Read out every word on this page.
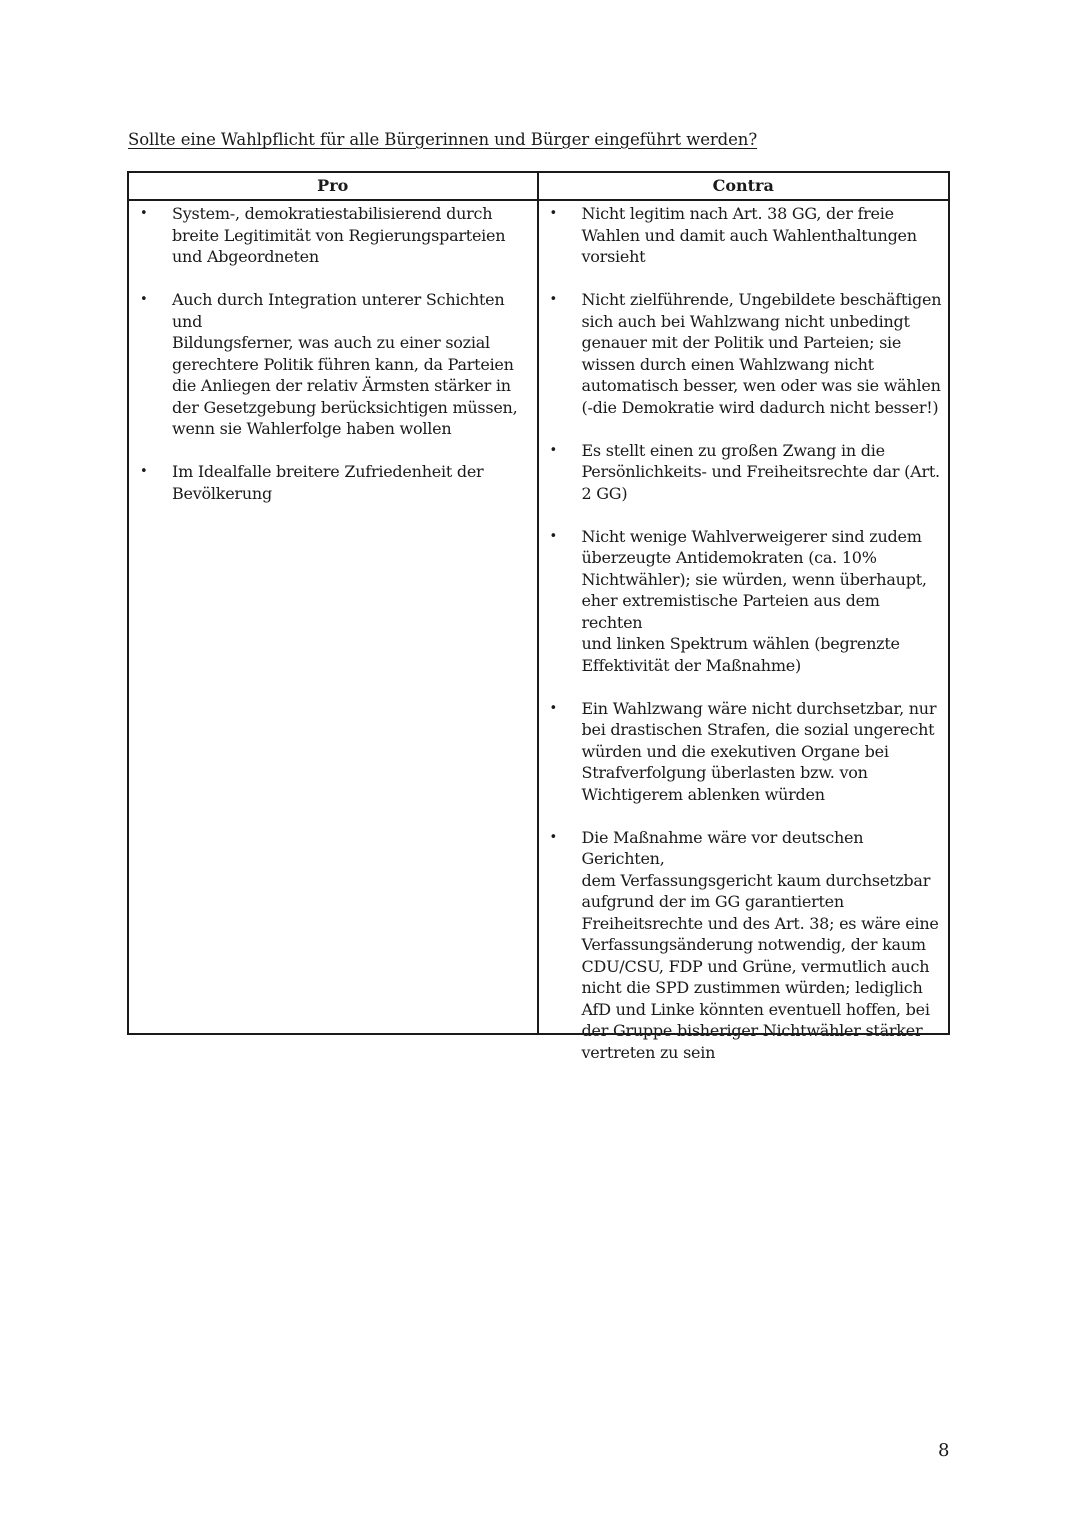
Sollte eine Wahlpflicht für alle Bürgerinnen und Bürger eingeführt werden?
Pro
• System-, demokratiestabilisierend durch
breite Legitimität von Regierungsparteien
und Abgeordneten
• Auch durch Integration unterer Schichten und
Bildungsferner, was auch zu einer sozial
gerechtere Politik führen kann, da Parteien
die Anliegen der relativ Ärmsten stärker in
der Gesetzgebung berücksichtigen müssen,
wenn sie Wahlerfolge haben wollen
• Im Idealfalle breitere Zufriedenheit der
Bevölkerung
Contra
• Nicht legitim nach Art. 38 GG, der freie
Wahlen und damit auch Wahlenthaltungen
vorsieht
• Nicht zielführende, Ungebildete beschäftigen
sich auch bei Wahlzwang nicht unbedingt
genauer mit der Politik und Parteien; sie
wissen durch einen Wahlzwang nicht
automatisch besser, wen oder was sie wählen
(-die Demokratie wird dadurch nicht besser!)
• Es stellt einen zu großen Zwang in die
Persönlichkeits- und Freiheitsrechte dar (Art.
2 GG)
• Nicht wenige Wahlverweigerer sind zudem
überzeugte Antidemokraten (ca. 10%
Nichtwähler); sie würden, wenn überhaupt,
eher extremistische Parteien aus dem rechten
und linken Spektrum wählen (begrenzte
Effektivität der Maßnahme)
• Ein Wahlzwang wäre nicht durchsetzbar, nur
bei drastischen Strafen, die sozial ungerecht
würden und die exekutiven Organe bei
Strafverfolgung überlasten bzw. von
Wichtigerem ablenken würden
• Die Maßnahme wäre vor deutschen Gerichten,
dem Verfassungsgericht kaum durchsetzbar
aufgrund der im GG garantierten
Freiheitsrechte und des Art. 38; es wäre eine
Verfassungsänderung notwendig, der kaum
CDU/CSU, FDP und Grüne, vermutlich auch
nicht die SPD zustimmen würden; lediglich
AfD und Linke könnten eventuell hoffen, bei
der Gruppe bisheriger Nichtwähler stärker
vertreten zu sein
8
